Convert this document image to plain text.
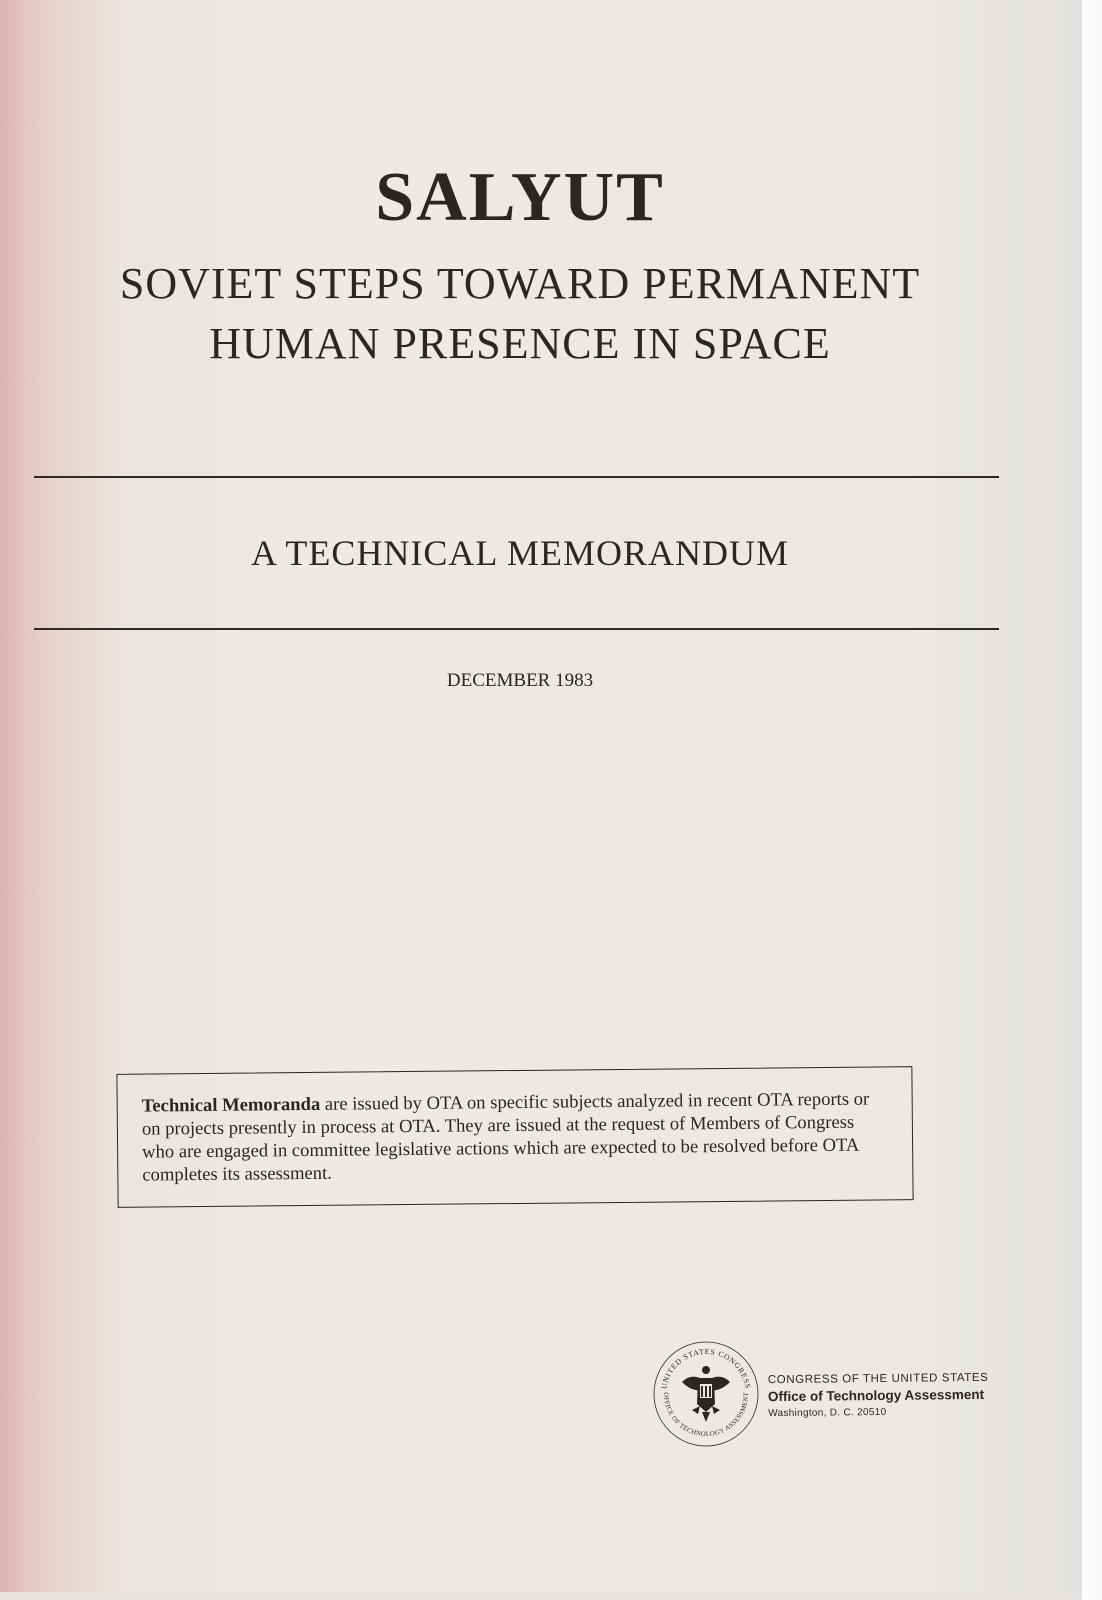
SALYUT
SOVIET STEPS TOWARD PERMANENT
HUMAN PRESENCE IN SPACE
A TECHNICAL MEMORANDUM
DECEMBER 1983
Technical Memoranda are issued by OTA on specific subjects analyzed in recent OTA reports or on projects presently in process at OTA. They are issued at the request of Members of Congress who are engaged in committee legislative actions which are expected to be resolved before OTA completes its assessment.
UNITED STATES CONGRESS
OFFICE OF TECHNOLOGY ASSESSMENT
CONGRESS OF THE UNITED STATES
Office of Technology Assessment
Washington, D. C. 20510
